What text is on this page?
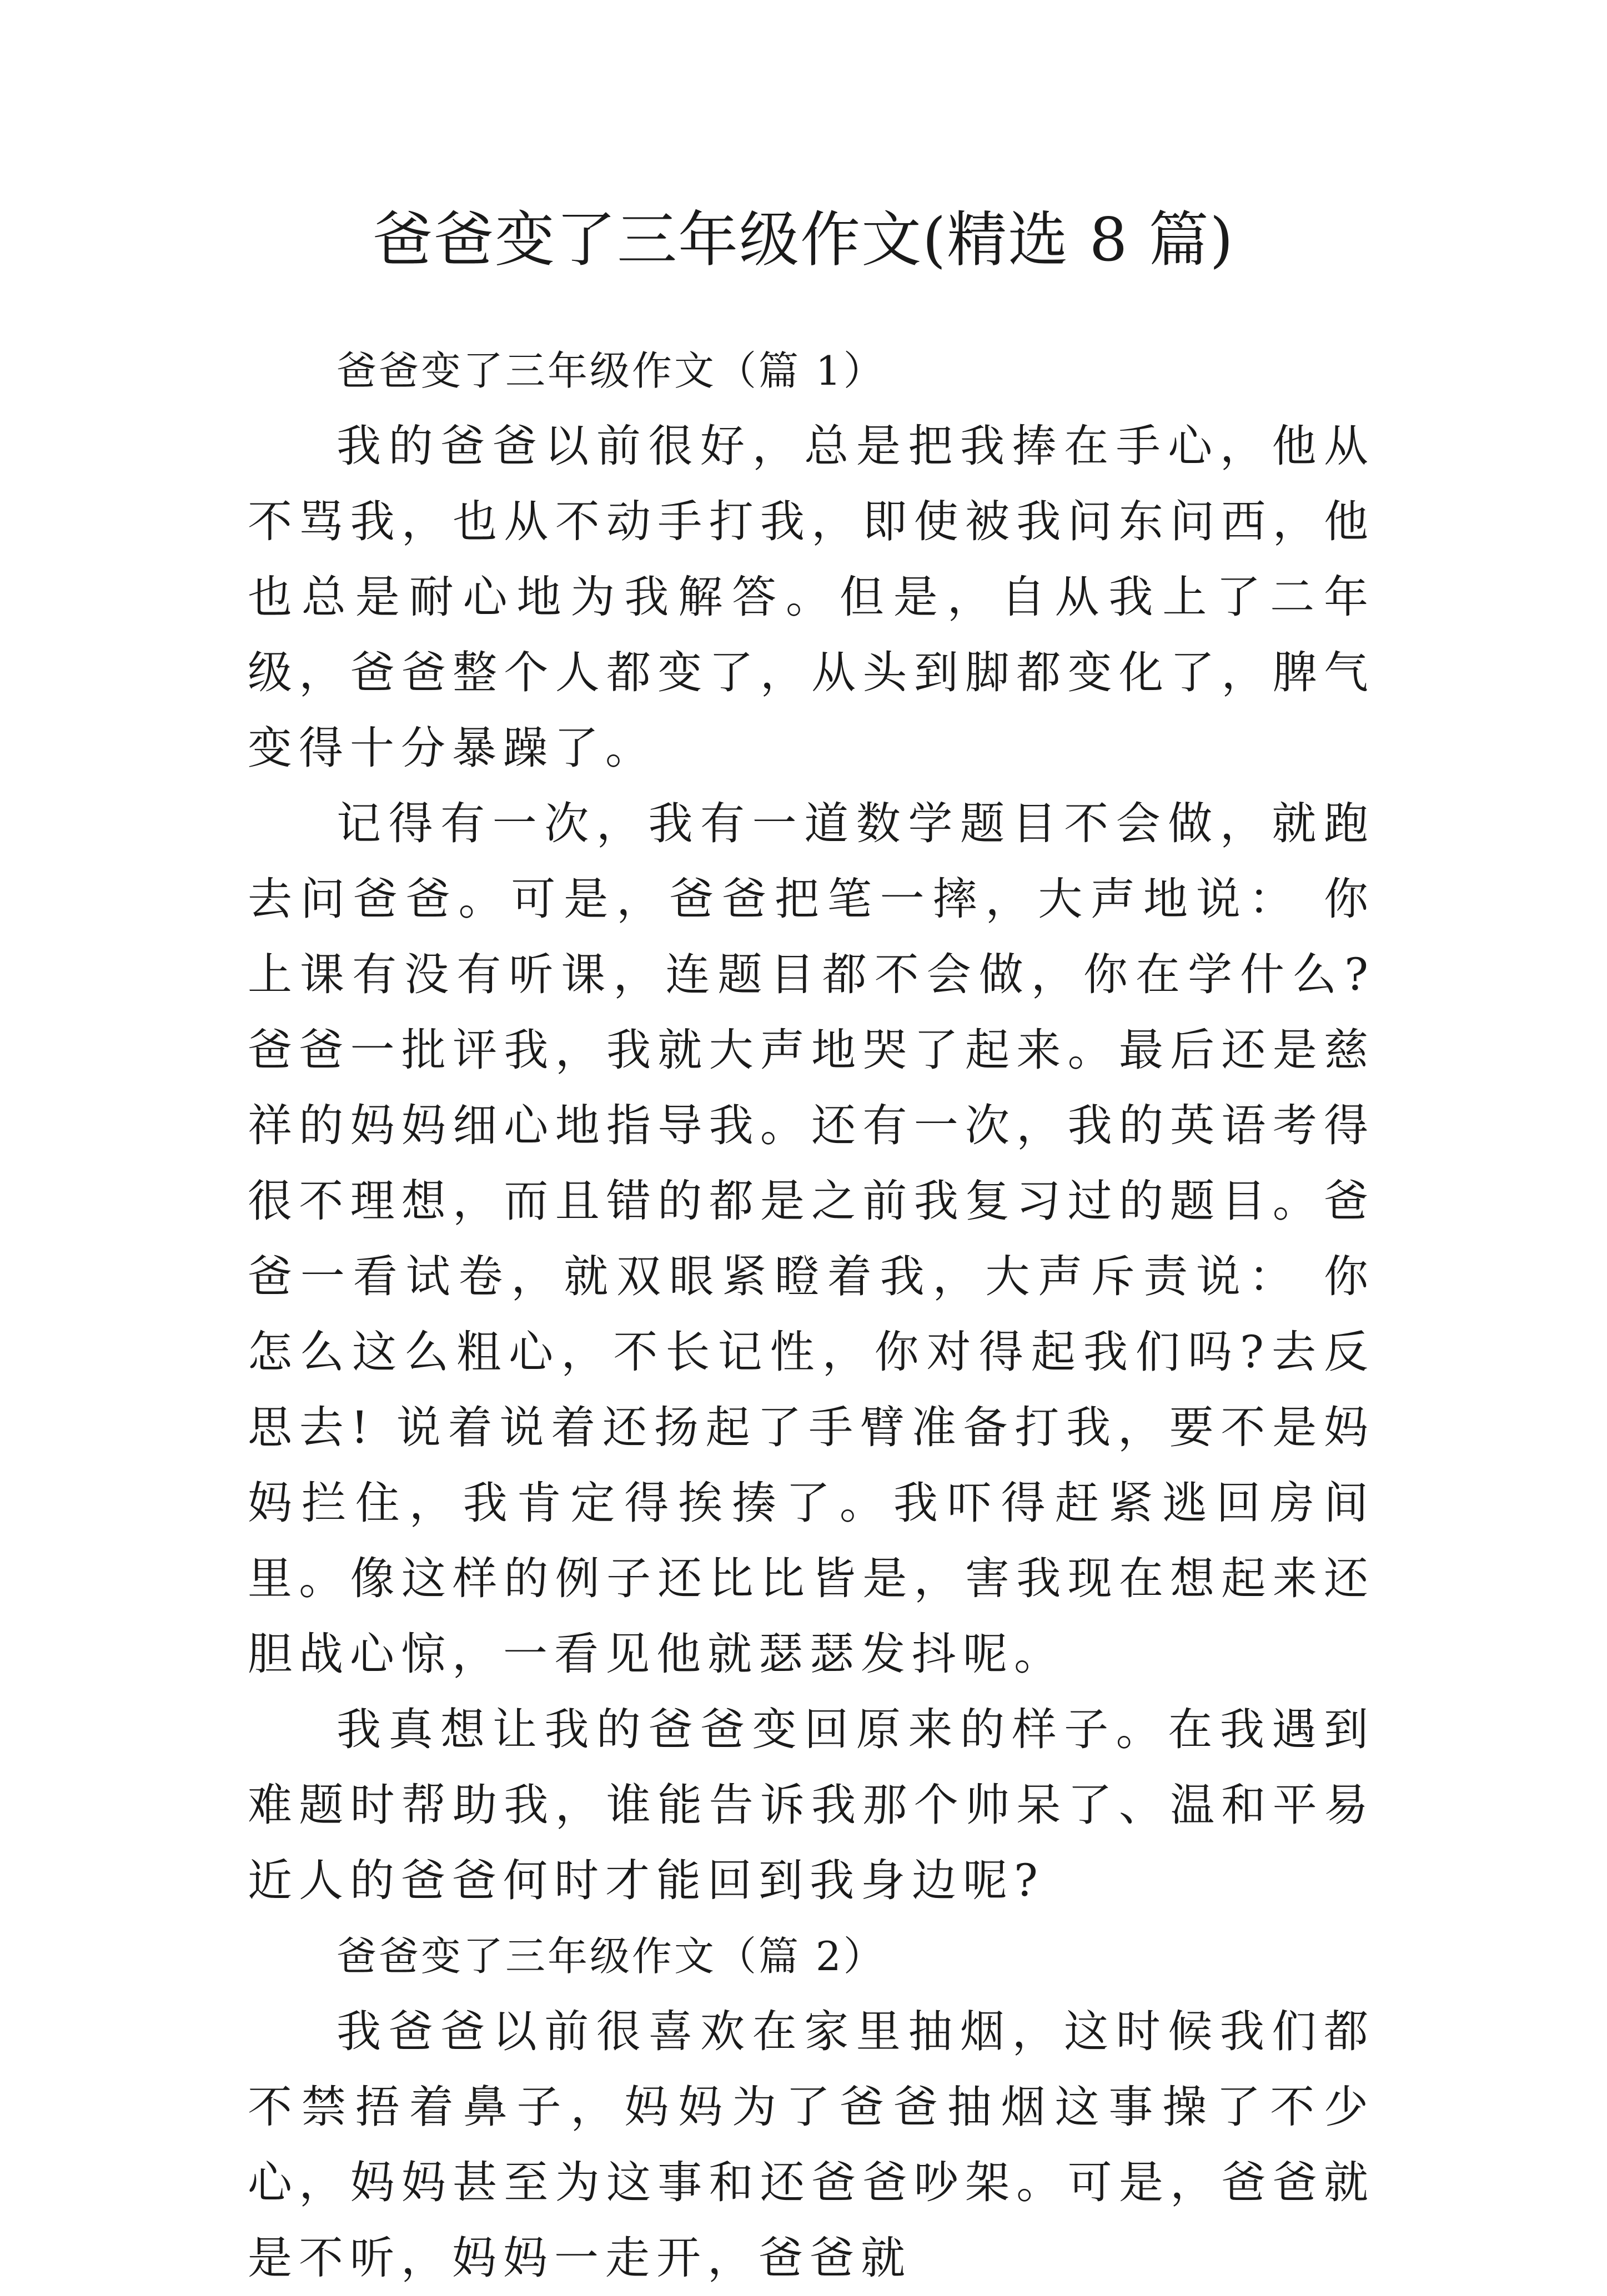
爸爸变了三年级作文(精选 8 篇)

爸爸变了三年级作文（篇 1）

我的爸爸以前很好，总是把我捧在手心，他从不骂我，也从不动手打我，即使被我问东问西，他也总是耐心地为我解答。但是，自从我上了二年级，爸爸整个人都变了，从头到脚都变化了，脾气变得十分暴躁了。

记得有一次，我有一道数学题目不会做，就跑去问爸爸。可是，爸爸把笔一摔，大声地说： 你上课有没有听课，连题目都不会做，你在学什么? 爸爸一批评我，我就大声地哭了起来。最后还是慈祥的妈妈细心地指导我。还有一次，我的英语考得很不理想，而且错的都是之前我复习过的题目。爸爸一看试卷，就双眼紧瞪着我，大声斥责说： 你怎么这么粗心，不长记性，你对得起我们吗?去反思去! 说着说着还扬起了手臂准备打我，要不是妈妈拦住，我肯定得挨揍了。我吓得赶紧逃回房间里。像这样的例子还比比皆是，害我现在想起来还胆战心惊，一看见他就瑟瑟发抖呢。

我真想让我的爸爸变回原来的样子。在我遇到难题时帮助我，谁能告诉我那个帅呆了、温和平易近人的爸爸何时才能回到我身边呢?

爸爸变了三年级作文（篇 2）

我爸爸以前很喜欢在家里抽烟，这时候我们都不禁捂着鼻子，妈妈为了爸爸抽烟这事操了不少心，妈妈甚至为这事和还爸爸吵架。可是，爸爸就是不听，妈妈一走开，爸爸就
